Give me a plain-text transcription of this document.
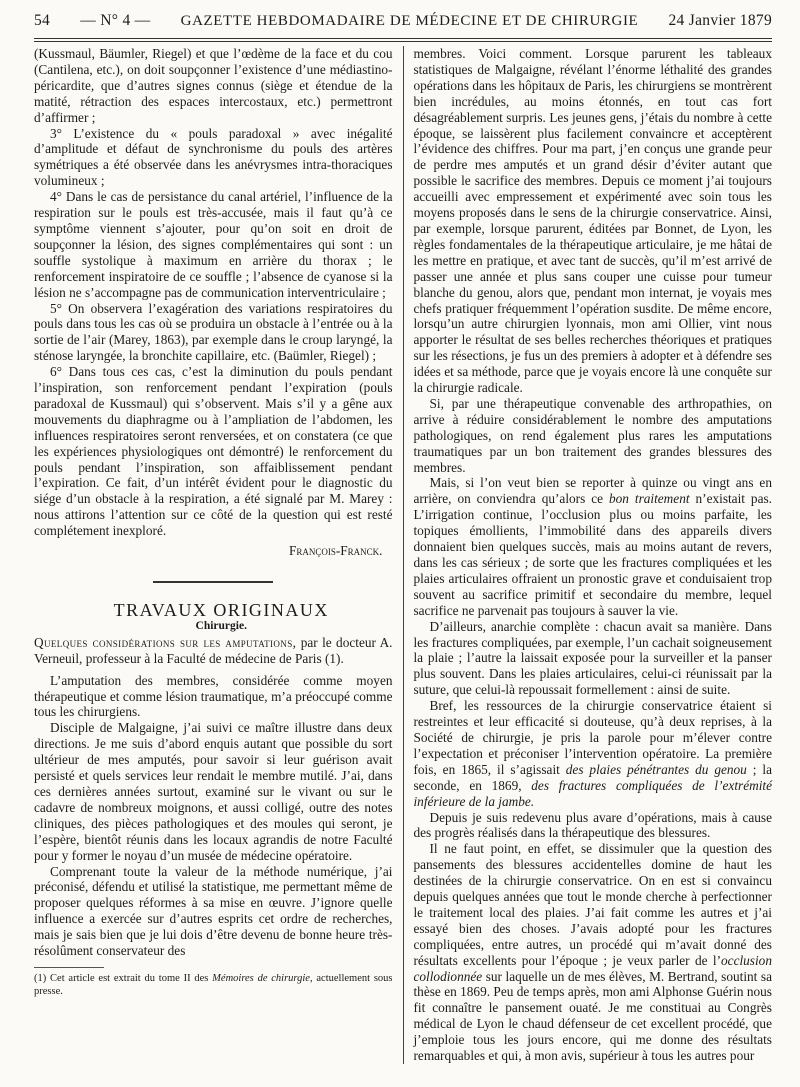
54 — N° 4 — GAZETTE HEBDOMADAIRE DE MÉDECINE ET DE CHIRURGIE 24 Janvier 1879

(Kussmaul, Bäumler, Riegel) et que l’œdème de la face et du cou (Cantilena, etc.), on doit soupçonner l’existence d’une médiastino-péricardite, que d’autres signes connus (siège et étendue de la matité, rétraction des espaces intercostaux, etc.) permettront d’affirmer ;

3° L’existence du « pouls paradoxal » avec inégalité d’amplitude et défaut de synchronisme du pouls des artères symétriques a été observée dans les anévrysmes intra-thoraciques volumineux ;

4° Dans le cas de persistance du canal artériel, l’influence de la respiration sur le pouls est très-accusée, mais il faut qu’à ce symptôme viennent s’ajouter, pour qu’on soit en droit de soupçonner la lésion, des signes complémentaires qui sont : un souffle systolique à maximum en arrière du thorax ; le renforcement inspiratoire de ce souffle ; l’absence de cyanose si la lésion ne s’accompagne pas de communication interventriculaire ;

5° On observera l’exagération des variations respiratoires du pouls dans tous les cas où se produira un obstacle à l’entrée ou à la sortie de l’air (Marey, 1863), par exemple dans le croup laryngé, la sténose laryngée, la bronchite capillaire, etc. (Baümler, Riegel) ;

6° Dans tous ces cas, c’est la diminution du pouls pendant l’inspiration, son renforcement pendant l’expiration (pouls paradoxal de Kussmaul) qui s’observent. Mais s’il y a gêne aux mouvements du diaphragme ou à l’ampliation de l’abdomen, les influences respiratoires seront renversées, et on constatera (ce que les expériences physiologiques ont démontré) le renforcement du pouls pendant l’inspiration, son affaiblissement pendant l’expiration. Ce fait, d’un intérêt évident pour le diagnostic du siége d’un obstacle à la respiration, a été signalé par M. Marey : nous attirons l’attention sur ce côté de la question qui est resté complétement inexploré.

François-Franck.

TRAVAUX ORIGINAUX

Chirurgie.

Quelques considérations sur les amputations, par le docteur A. Verneuil, professeur à la Faculté de médecine de Paris (1).

L’amputation des membres, considérée comme moyen thérapeutique et comme lésion traumatique, m’a préoccupé comme tous les chirurgiens.

Disciple de Malgaigne, j’ai suivi ce maître illustre dans deux directions. Je me suis d’abord enquis autant que possible du sort ultérieur de mes amputés, pour savoir si leur guérison avait persisté et quels services leur rendait le membre mutilé. J’ai, dans ces dernières années surtout, examiné sur le vivant ou sur le cadavre de nombreux moignons, et aussi colligé, outre des notes cliniques, des pièces pathologiques et des moules qui seront, je l’espère, bientôt réunis dans les locaux agrandis de notre Faculté pour y former le noyau d’un musée de médecine opératoire.

Comprenant toute la valeur de la méthode numérique, j’ai préconisé, défendu et utilisé la statistique, me permettant même de proposer quelques réformes à sa mise en œuvre. J’ignore quelle influence a exercée sur d’autres esprits cet ordre de recherches, mais je sais bien que je lui dois d’être devenu de bonne heure très-résolûment conservateur des

(1) Cet article est extrait du tome II des Mémoires de chirurgie, actuellement sous presse.

membres. Voici comment. Lorsque parurent les tableaux statistiques de Malgaigne, révélant l’énorme léthalité des grandes opérations dans les hôpitaux de Paris, les chirurgiens se montrèrent bien incrédules, au moins étonnés, en tout cas fort désagréablement surpris. Les jeunes gens, j’étais du nombre à cette époque, se laissèrent plus facilement convaincre et acceptèrent l’évidence des chiffres. Pour ma part, j’en conçus une grande peur de perdre mes amputés et un grand désir d’éviter autant que possible le sacrifice des membres. Depuis ce moment j’ai toujours accueilli avec empressement et expérimenté avec soin tous les moyens proposés dans le sens de la chirurgie conservatrice. Ainsi, par exemple, lorsque parurent, éditées par Bonnet, de Lyon, les règles fondamentales de la thérapeutique articulaire, je me hâtai de les mettre en pratique, et avec tant de succès, qu’il m’est arrivé de passer une année et plus sans couper une cuisse pour tumeur blanche du genou, alors que, pendant mon internat, je voyais mes chefs pratiquer fréquemment l’opération susdite. De même encore, lorsqu’un autre chirurgien lyonnais, mon ami Ollier, vint nous apporter le résultat de ses belles recherches théoriques et pratiques sur les résections, je fus un des premiers à adopter et à défendre ses idées et sa méthode, parce que je voyais encore là une conquête sur la chirurgie radicale.

Si, par une thérapeutique convenable des arthropathies, on arrive à réduire considérablement le nombre des amputations pathologiques, on rend également plus rares les amputations traumatiques par un bon traitement des grandes blessures des membres.

Mais, si l’on veut bien se reporter à quinze ou vingt ans en arrière, on conviendra qu’alors ce bon traitement n’existait pas. L’irrigation continue, l’occlusion plus ou moins parfaite, les topiques émollients, l’immobilité dans des appareils divers donnaient bien quelques succès, mais au moins autant de revers, dans les cas sérieux ; de sorte que les fractures compliquées et les plaies articulaires offraient un pronostic grave et conduisaient trop souvent au sacrifice primitif et secondaire du membre, lequel sacrifice ne parvenait pas toujours à sauver la vie.

D’ailleurs, anarchie complète : chacun avait sa manière. Dans les fractures compliquées, par exemple, l’un cachait soigneusement la plaie ; l’autre la laissait exposée pour la surveiller et la panser plus souvent. Dans les plaies articulaires, celui-ci réunissait par la suture, que celui-là repoussait formellement : ainsi de suite.

Bref, les ressources de la chirurgie conservatrice étaient si restreintes et leur efficacité si douteuse, qu’à deux reprises, à la Société de chirurgie, je pris la parole pour m’élever contre l’expectation et préconiser l’intervention opératoire. La première fois, en 1865, il s’agissait des plaies pénétrantes du genou ; la seconde, en 1869, des fractures compliquées de l’extrémité inférieure de la jambe.

Depuis je suis redevenu plus avare d’opérations, mais à cause des progrès réalisés dans la thérapeutique des blessures.

Il ne faut point, en effet, se dissimuler que la question des pansements des blessures accidentelles domine de haut les destinées de la chirurgie conservatrice. On en est si convaincu depuis quelques années que tout le monde cherche à perfectionner le traitement local des plaies. J’ai fait comme les autres et j’ai essayé bien des choses. J’avais adopté pour les fractures compliquées, entre autres, un procédé qui m’avait donné des résultats excellents pour l’époque ; je veux parler de l’occlusion collodionnée sur laquelle un de mes élèves, M. Bertrand, soutint sa thèse en 1869. Peu de temps après, mon ami Alphonse Guérin nous fit connaître le pansement ouaté. Je me constituai au Congrès médical de Lyon le chaud défenseur de cet excellent procédé, que j’emploie tous les jours encore, qui me donne des résultats remarquables et qui, à mon avis, supérieur à tous les autres pour
